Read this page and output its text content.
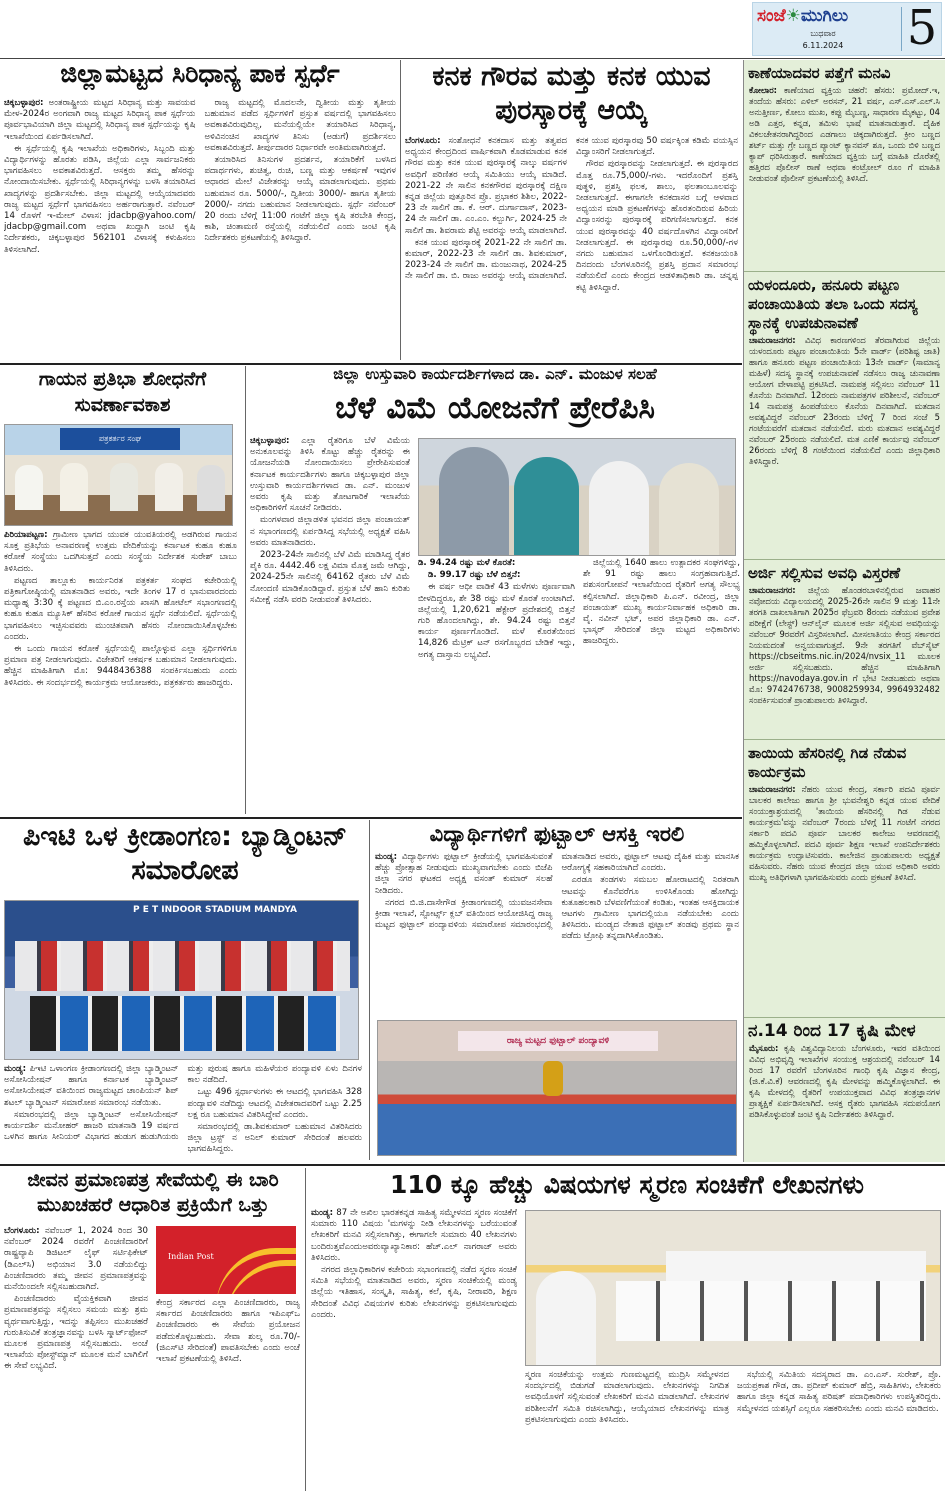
ಸಂಜೆ☀ಮುಗಿಲು
ಬುಧವಾರ
6.11.2024	5
ಜಿಲ್ಲಾಮಟ್ಟದ ಸಿರಿಧಾನ್ಯ ಪಾಕ ಸ್ಪರ್ಧೆ

ಚಿಕ್ಕಬಳ್ಳಾಪುರ: ಅಂತರಾಷ್ಟ್ರೀಯ ಮಟ್ಟದ ಸಿರಿಧಾನ್ಯ ಮತ್ತು ಸಾವಯವ ಮೇಳ-2024ರ ಅಂಗವಾಗಿ ರಾಜ್ಯ ಮಟ್ಟದ ಸಿರಿಧಾನ್ಯ ಪಾಕ ಸ್ಪರ್ಧೆಯ ಪೂರ್ವಭಾವಿಯಾಗಿ ಜಿಲ್ಲಾ ಮಟ್ಟದಲ್ಲಿ ಸಿರಿಧಾನ್ಯ ಪಾಕ ಸ್ಪರ್ಧೆಯನ್ನು ಕೃಷಿ ಇಲಾಖೆಯಿಂದ ಏರ್ಪಡಿಸಲಾಗಿದೆ.

ಈ ಸ್ಪರ್ಧೆಯಲ್ಲಿ ಕೃಷಿ ಇಲಾಖೆಯ ಅಧಿಕಾರಿಗಳು, ಸಿಬ್ಬಂದಿ ಮತ್ತು ವಿದ್ಯಾರ್ಥಿಗಳನ್ನು ಹೊರತು ಪಡಿಸಿ, ಜಿಲ್ಲೆಯ ಎಲ್ಲಾ ಸಾರ್ವಜನಿಕರು ಭಾಗವಹಿಸಲು ಅವಕಾಶವಿರುತ್ತದೆ. ಆಸಕ್ತರು ತಮ್ಮ ಹೆಸರನ್ನು ನೋಂದಾಯಿಸಬೇಕು. ಸ್ಪರ್ಧೆಯಲ್ಲಿ ಸಿರಿಧಾನ್ಯಗಳನ್ನು ಬಳಸಿ ತಯಾರಿಸಿದ ಖಾದ್ಯಗಳನ್ನು ಪ್ರದರ್ಶಿಸಬೇಕು. ಜಿಲ್ಲಾ ಮಟ್ಟದಲ್ಲಿ ಆಯ್ಕೆಯಾದವರು ರಾಜ್ಯ ಮಟ್ಟದ ಸ್ಪರ್ಧೆಗೆ ಭಾಗವಹಿಸಲು ಅರ್ಹರಾಗುತ್ತಾರೆ. ನವೆಂಬರ್ 14 ರೊಳಗೆ ಇ-ಮೇಲ್ ವಿಳಾಸ: jdacbp@yahoo.com/ jdacbp@gmail.com ಅಥವಾ ಖುದ್ದಾಗಿ ಜಂಟಿ ಕೃಷಿ ನಿರ್ದೇಶಕರು, ಚಿಕ್ಕಬಳ್ಳಾಪುರ 562101 ವಿಳಾಸಕ್ಕೆ ಕಳುಹಿಸಲು ತಿಳಿಸಲಾಗಿದೆ.

ರಾಜ್ಯ ಮಟ್ಟದಲ್ಲಿ ಮೊದಲನೇ, ದ್ವಿತೀಯ ಮತ್ತು ತೃತೀಯ ಬಹುಮಾನ ಪಡೆದ ಸ್ಪರ್ಧಿಗಳಿಗೆ ಪ್ರಸ್ತುತ ವರ್ಷದಲ್ಲಿ ಭಾಗವಹಿಸಲು ಅವಕಾಶವಿರುವುದಿಲ್ಲ, ಮನೆಯಲ್ಲಿಯೇ ತಯಾರಿಸಿದ ಸಿರಿಧಾನ್ಯ, ಅಳಿವಿನಂಚಿನ ಖಾದ್ಯಗಳ ತಿನಿಸು (ಅಡುಗೆ) ಪ್ರದರ್ಶಿಸಲು ಅವಕಾಶವಿರುತ್ತದೆ. ತೀರ್ಪುದಾರರ ನಿರ್ಧಾರವೇ ಅಂತಿಮವಾಗಿರುತ್ತದೆ.

ತಯಾರಿಸಿದ ತಿನಿಸುಗಳ ಪ್ರದರ್ಶನ, ತಯಾರಿಕೆಗೆ ಬಳಸಿದ ಪದಾರ್ಥಗಳು, ಶುಚಿತ್ವ, ರುಚಿ, ಬಣ್ಣ ಮತ್ತು ಆಕರ್ಷಣೆ ಇವುಗಳ ಆಧಾರದ ಮೇಲೆ ವಿಜೇತರನ್ನು ಆಯ್ಕೆ ಮಾಡಲಾಗುವುದು. ಪ್ರಥಮ ಬಹುಮಾನ ರೂ. 5000/-, ದ್ವಿತೀಯ 3000/- ಹಾಗೂ ತೃತೀಯ 2000/- ನಗದು ಬಹುಮಾನ ನೀಡಲಾಗುವುದು. ಸ್ಪರ್ಧೆ ನವೆಂಬರ್ 20 ರಂದು ಬೆಳಿಗ್ಗೆ 11:00 ಗಂಟೆಗೆ ಜಿಲ್ಲಾ ಕೃಷಿ ತರಬೇತಿ ಕೇಂದ್ರ, ಕಾಶಿ, ಚಿಂತಾಮಣಿ ರಸ್ತೆಯಲ್ಲಿ ನಡೆಯಲಿದೆ ಎಂದು ಜಂಟಿ ಕೃಷಿ ನಿರ್ದೇಶಕರು ಪ್ರಕಟಣೆಯಲ್ಲಿ ತಿಳಿಸಿದ್ದಾರೆ.

ಕನಕ ಗೌರವ ಮತ್ತು ಕನಕ ಯುವ ಪುರಸ್ಕಾರಕ್ಕೆ ಆಯ್ಕೆ

ಬೆಂಗಳೂರು: ಸಂಶೋಧನೆ ಕನಕದಾಸ ಮತ್ತು ತತ್ವಪದ ಅಧ್ಯಯನ ಕೇಂದ್ರದಿಂದ ವಾರ್ಷಿಕವಾಗಿ ಕೊಡಮಾಡುವ ಕನಕ ಗೌರವ ಮತ್ತು ಕನಕ ಯುವ ಪುರಸ್ಕಾರಕ್ಕೆ ನಾಲ್ಕು ವರ್ಷಗಳ ಅವಧಿಗೆ ಪರಿಣಿತರ ಆಯ್ಕೆ ಸಮಿತಿಯು ಆಯ್ಕೆ ಮಾಡಿದೆ. 2021-22 ನೇ ಸಾಲಿನ ಕನಕಗೌರವ ಪುರಸ್ಕಾರಕ್ಕೆ ದಕ್ಷಿಣ ಕನ್ನಡ ಜಿಲ್ಲೆಯ ಪುತ್ತೂರಿನ ಪ್ರೊ. ಪ್ರಭಾಕರ ಶಿಶಿಲ, 2022-23 ನೇ ಸಾಲಿಗೆ ಡಾ. ಕೆ. ಆರ್. ದುರ್ಗಾದಾಸ್, 2023-24 ನೇ ಸಾಲಿಗೆ ಡಾ. ಎಂ.ಎಂ. ಕಲ್ಬುರ್ಗಿ, 2024-25 ನೇ ಸಾಲಿಗೆ ಡಾ. ಶಿವರಾಮ ಶೆಟ್ಟಿ ಅವರನ್ನು ಆಯ್ಕೆ ಮಾಡಲಾಗಿದೆ.

ಕನಕ ಯುವ ಪುರಸ್ಕಾರಕ್ಕೆ 2021-22 ನೇ ಸಾಲಿಗೆ ಡಾ. ಕುಮಾರ್, 2022-23 ನೇ ಸಾಲಿಗೆ ಡಾ. ಶಿವಕುಮಾರ್, 2023-24 ನೇ ಸಾಲಿಗೆ ಡಾ. ಮಂಜುನಾಥ, 2024-25 ನೇ ಸಾಲಿಗೆ ಡಾ. ಬಿ. ರಾಜು ಅವರನ್ನು ಆಯ್ಕೆ ಮಾಡಲಾಗಿದೆ. ಕನಕ ಯುವ ಪುರಸ್ಕಾರವು 50 ವರ್ಷಕ್ಕಿಂತ ಕಡಿಮೆ ವಯಸ್ಸಿನ ವಿದ್ವಾಂಸರಿಗೆ ನೀಡಲಾಗುತ್ತದೆ.

ಗೌರವ ಪುರಸ್ಕಾರವನ್ನು ನೀಡಲಾಗುತ್ತದೆ. ಈ ಪುರಸ್ಕಾರದ ಮೊತ್ತ ರೂ.75,000/-ಗಳು. ಇದರೊಂದಿಗೆ ಪ್ರಶಸ್ತಿ ಪುತ್ಥಳಿ, ಪ್ರಶಸ್ತಿ ಫಲಕ, ಶಾಲು, ಫಲತಾಂಬೂಲವನ್ನು ನೀಡಲಾಗುತ್ತದೆ. ಈಗಾಗಲೇ ಕನಕದಾಸರ ಬಗ್ಗೆ ಆಳವಾದ ಅಧ್ಯಯನ ಮಾಡಿ ಪ್ರಕಟಣೆಗಳನ್ನು ಹೊರತಂದಿರುವ ಹಿರಿಯ ವಿದ್ವಾಂಸರನ್ನು ಪುರಸ್ಕಾರಕ್ಕೆ ಪರಿಗಣಿಸಲಾಗುತ್ತದೆ. ಕನಕ ಯುವ ಪುರಸ್ಕಾರವನ್ನು 40 ವರ್ಷದೊಳಗಿನ ವಿದ್ವಾಂಸರಿಗೆ ನೀಡಲಾಗುತ್ತದೆ. ಈ ಪುರಸ್ಕಾರವು ರೂ.50,000/-ಗಳ ನಗದು ಬಹುಮಾನ ಒಳಗೊಂಡಿರುತ್ತದೆ. ಕನಕಜಯಂತಿ ದಿನದಂದು ಬೆಂಗಳೂರಿನಲ್ಲಿ ಪ್ರಶಸ್ತಿ ಪ್ರದಾನ ಸಮಾರಂಭ ನಡೆಯಲಿದೆ ಎಂದು ಕೇಂದ್ರದ ಆಡಳಿತಾಧಿಕಾರಿ ಡಾ. ಚನ್ನಪ್ಪ ಕಟ್ಟಿ ತಿಳಿಸಿದ್ದಾರೆ.

ಕಾಣೆಯಾದವರ ಪತ್ತೆಗೆ ಮನವಿ
ಕೋಲಾರ: ಕಾಣೆಯಾದ ವ್ಯಕ್ತಿಯ ಚಹರೆ: ಹೆಸರು: ಪ್ರಮೋದ್.ಇ, ತಂದೆಯ ಹೆಸರು: ಎಳಿಲ್ ಅರಸನ್, 21 ವರ್ಷ, ಎಸ್.ಎಸ್.ಎಲ್.ಸಿ ಅನುತ್ತೀರ್ಣ, ಕೋಲು ಮುಖ, ಕಪ್ಪು ಮೈಬಣ್ಣ, ಸಾಧಾರಣ ಮೈಕಟ್ಟು, 04 ಅಡಿ ಎತ್ತರ, ಕನ್ನಡ, ತಮಿಳು ಭಾಷೆ ಮಾತನಾಡುತ್ತಾರೆ. ದೈಹಿಕ ವಿಕಲಚೇತನರಾಗಿದ್ದರಿಂದ ಎಡಗಾಲು ಚಿಕ್ಕದಾಗಿರುತ್ತದೆ. ಕ್ರೀಂ ಬಣ್ಣದ ಶರ್ಟ್ ಮತ್ತು ಗ್ರೇ ಬಣ್ಣದ ಪ್ಯಾಂಟ್ ಕ್ಯಾನವಸ್ ಶೂ, ಒಂದು ಬಿಳಿ ಬಣ್ಣದ ಕ್ಯಾಪ್ ಧರಿಸಿರುತ್ತಾರೆ. ಕಾಣೆಯಾದ ವ್ಯಕ್ತಿಯ ಬಗ್ಗೆ ಮಾಹಿತಿ ದೊರೆತಲ್ಲಿ ಹತ್ತಿರದ ಪೊಲೀಸ್ ಠಾಣೆ ಅಥವಾ ಕಂಟ್ರೋಲ್ ರೂಂ ಗೆ ಮಾಹಿತಿ ನೀಡುವಂತೆ ಪೊಲೀಸ್ ಪ್ರಕಟಣೆಯಲ್ಲಿ ತಿಳಿಸಿದೆ.
ಯಳಂದೂರು, ಹನೂರು ಪಟ್ಟಣ ಪಂಚಾಯಿತಿಯ ತಲಾ ಒಂದು ಸದಸ್ಯ ಸ್ಥಾನಕ್ಕೆ ಉಪಚುನಾವಣೆ
ಚಾಮರಾಜನಗರ: ವಿವಿಧ ಕಾರಣಗಳಿಂದ ತೆರವಾಗಿರುವ ಜಿಲ್ಲೆಯ ಯಳಂದೂರು ಪಟ್ಟಣ ಪಂಚಾಯಿತಿಯ 5ನೇ ವಾರ್ಡ್ (ಪರಿಶಿಷ್ಟ ಜಾತಿ) ಹಾಗೂ ಹನೂರು ಪಟ್ಟಣ ಪಂಚಾಯಿತಿಯ 13ನೇ ವಾರ್ಡ್ (ಸಾಮಾನ್ಯ ಮಹಿಳೆ) ಸದಸ್ಯ ಸ್ಥಾನಕ್ಕೆ ಉಪಚುನಾವಣೆ ನಡೆಸಲು ರಾಜ್ಯ ಚುನಾವಣಾ ಆಯೋಗ ವೇಳಾಪಟ್ಟಿ ಪ್ರಕಟಿಸಿದೆ. ನಾಮಪತ್ರ ಸಲ್ಲಿಸಲು ನವೆಂಬರ್ 11 ಕೊನೆಯ ದಿನವಾಗಿದೆ. 12ರಂದು ನಾಮಪತ್ರಗಳ ಪರಿಶೀಲನೆ, ನವೆಂಬರ್ 14 ನಾಮಪತ್ರ ಹಿಂಪಡೆಯಲು ಕೊನೆಯ ದಿನವಾಗಿದೆ. ಮತದಾನ ಅವಶ್ಯವಿದ್ದರೆ ನವೆಂಬರ್ 23ರಂದು ಬೆಳಿಗ್ಗೆ 7 ರಿಂದ ಸಂಜೆ 5 ಗಂಟೆಯವರೆಗೆ ಮತದಾನ ನಡೆಯಲಿದೆ. ಮರು ಮತದಾನ ಅವಶ್ಯವಿದ್ದರೆ ನವೆಂಬರ್ 25ರಂದು ನಡೆಯಲಿದೆ. ಮತ ಎಣಿಕೆ ಕಾರ್ಯವು ನವೆಂಬರ್ 26ರಂದು ಬೆಳಿಗ್ಗೆ 8 ಗಂಟೆಯಿಂದ ನಡೆಯಲಿದೆ ಎಂದು ಜಿಲ್ಲಾಧಿಕಾರಿ ತಿಳಿಸಿದ್ದಾರೆ.
ಅರ್ಜಿ ಸಲ್ಲಿಸುವ ಅವಧಿ ವಿಸ್ತರಣೆ
ಚಾಮರಾಜನಗರ: ಜಿಲ್ಲೆಯ ಹೊಂಡರಬಾಳಿನಲ್ಲಿರುವ ಜವಾಹರ ನವೋದಯ ವಿದ್ಯಾಲಯದಲ್ಲಿ 2025-26ನೇ ಸಾಲಿನ 9 ಮತ್ತು 11ನೇ ತರಗತಿ ದಾಖಲಾತಿಗಾಗಿ 2025ರ ಫೆಬ್ರವರಿ 8ರಂದು ನಡೆಯುವ ಪ್ರವೇಶ ಪರೀಕ್ಷೆಗೆ (ಲೇಸ್ಟ್) ಆನ್‌ಲೈನ್ ಮೂಲಕ ಅರ್ಜಿ ಸಲ್ಲಿಸುವ ಅವಧಿಯನ್ನು ನವೆಂಬರ್ 9ರವರೆಗೆ ವಿಸ್ತರಿಸಲಾಗಿದೆ. ಮೀಸಲಾತಿಯು ಕೇಂದ್ರ ಸರ್ಕಾರದ ನಿಯಮದಂತೆ ಅನ್ವಯವಾಗುತ್ತದೆ. 9ನೇ ತರಗತಿಗೆ ವೆಬ್‌ಸೈಟ್ https://cbseitms.nic.in/2024/nvsix_11 ಮೂಲಕ ಅರ್ಜಿ ಸಲ್ಲಿಸಬಹುದು. ಹೆಚ್ಚಿನ ಮಾಹಿತಿಗಾಗಿ https://navodaya.gov.in ಗೆ ಭೇಟಿ ನೀಡಬಹುದು ಅಥವಾ ಮೊ: 9742476738, 9008259934, 9964932482 ಸಂಪರ್ಕಿಸುವಂತೆ ಪ್ರಾಂಶುಪಾಲರು ತಿಳಿಸಿದ್ದಾರೆ.
ತಾಯಿಯ ಹೆಸರಿನಲ್ಲಿ ಗಿಡ ನೆಡುವ ಕಾರ್ಯಕ್ರಮ
ಚಾಮರಾಜನಗರ: ನೆಹರು ಯುವ ಕೇಂದ್ರ, ಸರ್ಕಾರಿ ಪದವಿ ಪೂರ್ವ ಬಾಲಕರ ಕಾಲೇಜು ಹಾಗೂ ಶ್ರೀ ಭುವನೇಶ್ವರಿ ಕನ್ನಡ ಯುವ ವೇದಿಕೆ ಸಂಯುಕ್ತಾಶ್ರಯದಲ್ಲಿ 'ತಾಯಿಯ ಹೆಸರಿನಲ್ಲಿ ಗಿಡ ನೆಡುವ ಕಾರ್ಯಕ್ರಮ'ವನ್ನು ನವೆಂಬರ್ 7ರಂದು ಬೆಳಿಗ್ಗೆ 11 ಗಂಟೆಗೆ ನಗರದ ಸರ್ಕಾರಿ ಪದವಿ ಪೂರ್ವ ಬಾಲಕರ ಕಾಲೇಜು ಆವರಣದಲ್ಲಿ ಹಮ್ಮಿಕೊಳ್ಳಲಾಗಿದೆ. ಪದವಿ ಪೂರ್ವ ಶಿಕ್ಷಣ ಇಲಾಖೆ ಉಪನಿರ್ದೇಶಕರು ಕಾರ್ಯಕ್ರಮ ಉದ್ಘಾಟಿಸುವರು. ಕಾಲೇಜಿನ ಪ್ರಾಂಶುಪಾಲರು ಅಧ್ಯಕ್ಷತೆ ವಹಿಸುವರು. ನೆಹರು ಯುವ ಕೇಂದ್ರದ ಜಿಲ್ಲಾ ಯುವ ಅಧಿಕಾರಿ ಅವರು ಮುಖ್ಯ ಅತಿಥಿಗಳಾಗಿ ಭಾಗವಹಿಸುವರು ಎಂದು ಪ್ರಕಟಣೆ ತಿಳಿಸಿದೆ.
ನ.14 ರಿಂದ 17 ಕೃಷಿ ಮೇಳ
ಮೈಸೂರು: ಕೃಷಿ ವಿಶ್ವವಿದ್ಯಾನಿಲಯ ಬೆಂಗಳೂರು, ಇವರ ವತಿಯಿಂದ ವಿವಿಧ ಅಭಿವೃದ್ಧಿ ಇಲಾಖೆಗಳ ಸಂಯುಕ್ತ ಆಶ್ರಯದಲ್ಲಿ ನವೆಂಬರ್ 14 ರಿಂದ 17 ರವರೆಗೆ ಬೆಂಗಳೂರಿನ ಗಾಂಧಿ ಕೃಷಿ ವಿಜ್ಞಾನ ಕೇಂದ್ರ, (ಜಿ.ಕೆ.ವಿ.ಕೆ) ಆವರಣದಲ್ಲಿ ಕೃಷಿ ಮೇಳವನ್ನು ಹಮ್ಮಿಕೊಳ್ಳಲಾಗಿದೆ. ಈ ಕೃಷಿ ಮೇಳದಲ್ಲಿ ರೈತರಿಗೆ ಉಪಯುಕ್ತವಾದ ವಿವಿಧ ತಂತ್ರಜ್ಞಾನಗಳ ಪ್ರಾತ್ಯಕ್ಷಿಕೆ ಏರ್ಪಡಿಸಲಾಗಿದೆ. ಆಸಕ್ತ ರೈತರು ಭಾಗವಹಿಸಿ ಸದುಪಯೋಗ ಪಡಿಸಿಕೊಳ್ಳುವಂತೆ ಜಂಟಿ ಕೃಷಿ ನಿರ್ದೇಶಕರು ತಿಳಿಸಿದ್ದಾರೆ.
ಗಾಯನ ಪ್ರತಿಭಾ ಶೋಧನೆಗೆ ಸುವರ್ಣಾವಕಾಶ
ಪತ್ರಕರ್ತರ ಸಂಘ

ಪಿರಿಯಾಪಟ್ಟಣ: ಗ್ರಾಮೀಣ ಭಾಗದ ಯುವಕ ಯುವತಿಯರಲ್ಲಿ ಅಡಗಿರುವ ಗಾಯನ ಸೂಕ್ತ ಪ್ರತಿಭೆಯ ಅನಾವರಣಕ್ಕೆ ಉತ್ತಮ ವೇದಿಕೆಯನ್ನು ಕರ್ನಾಟಕ ಕುಹೂ ಕುಹೂ ಕರೋಕೆ ಸಂಸ್ಥೆಯು ಒದಗಿಸುತ್ತದೆ ಎಂದು ಸಂಸ್ಥೆಯ ನಿರ್ದೇಶಕ ಸುರೇಶ್ ಬಾಬು ತಿಳಿಸಿದರು.

ಪಟ್ಟಣದ ತಾಲ್ಲೂಕು ಕಾರ್ಯನಿರತ ಪತ್ರಕರ್ತ ಸಂಘದ ಕಚೇರಿಯಲ್ಲಿ ಪತ್ರಿಕಾಗೋಷ್ಠಿಯಲ್ಲಿ ಮಾತನಾಡಿದ ಅವರು, ಇದೇ ತಿಂಗಳ 17 ರ ಭಾನುವಾರದಂದು ಮಧ್ಯಾಹ್ನ 3:30 ಕ್ಕೆ ಪಟ್ಟಣದ ಬಿ.ಎಂ.ರಸ್ತೆಯ ಖಾಸಗಿ ಹೋಟೆಲ್ ಸಭಾಂಗಣದಲ್ಲಿ ಕುಹೂ ಕುಹೂ ಮ್ಯೂಸಿಕ್ ಹೆಸರಿನ ಕರೋಕೆ ಗಾಯನ ಸ್ಪರ್ಧೆ ನಡೆಯಲಿದೆ. ಸ್ಪರ್ಧೆಯಲ್ಲಿ ಭಾಗವಹಿಸಲು ಇಚ್ಛಿಸುವವರು ಮುಂಚಿತವಾಗಿ ಹೆಸರು ನೋಂದಾಯಿಸಿಕೊಳ್ಳಬೇಕು ಎಂದರು.

ಈ ಒಂದು ಗಾಯನ ಕರೋಕೆ ಸ್ಪರ್ಧೆಯಲ್ಲಿ ಪಾಲ್ಗೊಳ್ಳುವ ಎಲ್ಲಾ ಸ್ಪರ್ಧಿಗಳಿಗೂ ಪ್ರಮಾಣ ಪತ್ರ ನೀಡಲಾಗುವುದು. ವಿಜೇತರಿಗೆ ಆಕರ್ಷಕ ಬಹುಮಾನ ನೀಡಲಾಗುವುದು. ಹೆಚ್ಚಿನ ಮಾಹಿತಿಗಾಗಿ ಮೊ: 9448436388 ಸಂಪರ್ಕಿಸಬಹುದು ಎಂದು ತಿಳಿಸಿದರು. ಈ ಸಂದರ್ಭದಲ್ಲಿ ಕಾರ್ಯಕ್ರಮ ಆಯೋಜಕರು, ಪತ್ರಕರ್ತರು ಹಾಜರಿದ್ದರು.

ಜಿಲ್ಲಾ ಉಸ್ತುವಾರಿ ಕಾರ್ಯದರ್ಶಿಗಳಾದ ಡಾ. ಎನ್. ಮಂಜುಳ ಸಲಹೆ
ಬೆಳೆ ವಿಮೆ ಯೋಜನೆಗೆ ಪ್ರೇರೆಪಿಸಿ

ಚಿಕ್ಕಬಳ್ಳಾಪುರ: ಎಲ್ಲಾ ರೈತರಿಗೂ ಬೆಳೆ ವಿಮೆಯ ಅನುಕೂಲವನ್ನು ತಿಳಿಸಿ ಕೊಟ್ಟು ಹೆಚ್ಚು ರೈತರನ್ನು ಈ ಯೋಜನೆಯಡಿ ನೋಂದಾಯಿಸಲು ಪ್ರೇರೇಪಿಸುವಂತೆ ಕರ್ನಾಟಕ ಕಾರ್ಯದರ್ಶಿಗಳು ಹಾಗೂ ಚಿಕ್ಕಬಳ್ಳಾಪುರ ಜಿಲ್ಲಾ ಉಸ್ತುವಾರಿ ಕಾರ್ಯದರ್ಶಿಗಳಾದ ಡಾ. ಎನ್. ಮಂಜುಳ ಅವರು ಕೃಷಿ ಮತ್ತು ತೋಟಗಾರಿಕೆ ಇಲಾಖೆಯ ಅಧಿಕಾರಿಗಳಿಗೆ ಸೂಚನೆ ನೀಡಿದರು.

ಮಂಗಳವಾರ ಜಿಲ್ಲಾಡಳಿತ ಭವನದ ಜಿಲ್ಲಾ ಪಂಚಾಯತ್ ನ ಸಭಾಂಗಣದಲ್ಲಿ ಏರ್ಪಡಿಸಿದ್ದ ಸಭೆಯಲ್ಲಿ ಅಧ್ಯಕ್ಷತೆ ವಹಿಸಿ ಅವರು ಮಾತನಾಡಿದರು.

2023-24ನೇ ಸಾಲಿನಲ್ಲಿ ಬೆಳೆ ವಿಮೆ ಮಾಡಿಸಿದ್ದ ರೈತರ ಪೈಕಿ ರೂ. 4442.46 ಲಕ್ಷ ವಿಮಾ ಮೊತ್ತ ಜಮೆ ಆಗಿದ್ದು, 2024-25ನೇ ಸಾಲಿನಲ್ಲಿ 64162 ರೈತರು ಬೆಳೆ ವಿಮೆ ನೋಂದಣಿ ಮಾಡಿಕೊಂಡಿದ್ದಾರೆ. ಪ್ರಸ್ತುತ ಬೆಳೆ ಹಾನಿ ಕುರಿತು ಸಮೀಕ್ಷೆ ನಡೆಸಿ ವರದಿ ನೀಡುವಂತೆ ತಿಳಿಸಿದರು.

ಡಿ. 94.24 ರಷ್ಟು ಮಳೆ ಕೊರತೆ:

ಡಿ. 99.17 ರಷ್ಟು ಬೆಳೆ ಬಿತ್ತನೆ:

ಈ ವರ್ಷ ಆಧೀ ವಾಡಿಕೆ 43 ಮಳೆಗಳು ಪೂರ್ಣವಾಗಿ ಬೀಳದಿದ್ದರೂ, ಶೇ 38 ರಷ್ಟು ಮಳೆ ಕೊರತೆ ಉಂಟಾಗಿದೆ. ಜಿಲ್ಲೆಯಲ್ಲಿ 1,20,621 ಹೆಕ್ಟೇರ್ ಪ್ರದೇಶದಲ್ಲಿ ಬಿತ್ತನೆ ಗುರಿ ಹೊಂದಲಾಗಿದ್ದು, ಶೇ. 94.24 ರಷ್ಟು ಬಿತ್ತನೆ ಕಾರ್ಯ ಪೂರ್ಣಗೊಂಡಿದೆ. ಮಳೆ ಕೊರತೆಯಿಂದ 14,826 ಮೆಟ್ರಿಕ್ ಟನ್ ರಸಗೊಬ್ಬರದ ಬೇಡಿಕೆ ಇದ್ದು, ಅಗತ್ಯ ದಾಸ್ತಾನು ಲಭ್ಯವಿದೆ.

ಜಿಲ್ಲೆಯಲ್ಲಿ 1640 ಹಾಲು ಉತ್ಪಾದಕರ ಸಂಘಗಳಿದ್ದು, ಶೇ 91 ರಷ್ಟು ಹಾಲು ಸಂಗ್ರಹವಾಗುತ್ತಿದೆ. ಪಶುಸಂಗೋಪನೆ ಇಲಾಖೆಯಿಂದ ರೈತರಿಗೆ ಅಗತ್ಯ ಸೌಲಭ್ಯ ಕಲ್ಪಿಸಲಾಗಿದೆ. ಜಿಲ್ಲಾಧಿಕಾರಿ ಪಿ.ಎನ್. ರವೀಂದ್ರ, ಜಿಲ್ಲಾ ಪಂಚಾಯತ್ ಮುಖ್ಯ ಕಾರ್ಯನಿರ್ವಾಹಕ ಅಧಿಕಾರಿ ಡಾ. ವೈ. ನವೀನ್ ಭಟ್, ಅಪರ ಜಿಲ್ಲಾಧಿಕಾರಿ ಡಾ. ಎನ್. ಭಾಸ್ಕರ್ ಸೇರಿದಂತೆ ಜಿಲ್ಲಾ ಮಟ್ಟದ ಅಧಿಕಾರಿಗಳು ಹಾಜರಿದ್ದರು.

ಪಿಇಟಿ ಒಳ ಕ್ರೀಡಾಂಗಣ: ಬ್ಯಾಡ್ಮಿಂಟನ್ ಸಮಾರೋಪ
P E T INDOOR STADIUM MANDYA

ಮಂಡ್ಯ: ಪಿಇಟಿ ಒಳಾಂಗಣ ಕ್ರೀಡಾಂಗಣದಲ್ಲಿ ಜಿಲ್ಲಾ ಬ್ಯಾಡ್ಮಿಂಟನ್ ಅಸೋಸಿಯೇಷನ್ ಹಾಗೂ ಕರ್ನಾಟಕ ಬ್ಯಾಡ್ಮಿಂಟನ್ ಅಸೋಸಿಯೇಷನ್ ವತಿಯಿಂದ ರಾಜ್ಯಮಟ್ಟದ ಚಾಂಪಿಯನ್ ಶಿಪ್ ಶಟಲ್ ಬ್ಯಾಡ್ಮಿಂಟನ್ ಸಮಾರೋಪ ಸಮಾರಂಭ ನಡೆಯಿತು.

ಸಮಾರಂಭದಲ್ಲಿ ಜಿಲ್ಲಾ ಬ್ಯಾಡ್ಮಿಂಟನ್ ಅಸೋಸಿಯೇಷನ್ ಕಾರ್ಯದರ್ಶಿ ಮನೋಹರ್ ಹಾಜರಿ ಮಾತನಾಡಿ 19 ವರ್ಷದ ಒಳಗಿನ ಹಾಗೂ ಸೀನಿಯರ್ ವಿಭಾಗದ ಹುಡುಗ ಹುಡುಗಿಯರು ಮತ್ತು ಪುರುಷ ಹಾಗೂ ಮಹಿಳೆಯರ ಪಂದ್ಯಾವಳಿ ಏಳು ದಿನಗಳ ಕಾಲ ನಡೆದಿದೆ.

ಒಟ್ಟು 496 ಸ್ಪರ್ಧಾಳುಗಳು ಈ ಆಟದಲ್ಲಿ ಭಾಗವಹಿಸಿ 328 ಪಂದ್ಯಾವಳಿ ನಡೆದಿದ್ದು ಆಟದಲ್ಲಿ ವಿಜೇತರಾದವರಿಗೆ ಒಟ್ಟು 2.25 ಲಕ್ಷ ರೂ ಬಹುಮಾನ ವಿತರಿಸಿದ್ದೇವೆ ಎಂದರು.

ಸಮಾರಂಭದಲ್ಲಿ ಡಾ.ಶಿವಕುಮಾರ್ ಬಹುಮಾನ ವಿತರಿಸಿದರು ಜಿಲ್ಲಾ ಟ್ರಸ್ಟ್ ನ ಅನಿಲ್ ಕುಮಾರ್ ಸೇರಿದಂತೆ ಹಲವರು ಭಾಗವಹಿಸಿದ್ದರು.

ವಿದ್ಯಾರ್ಥಿಗಳಿಗೆ ಫುಟ್ಬಾಲ್ ಆಸಕ್ತಿ ಇರಲಿ

ಮಂಡ್ಯ: ವಿದ್ಯಾರ್ಥಿಗಳು ಫುಟ್ಬಾಲ್ ಕ್ರೀಡೆಯಲ್ಲಿ ಭಾಗವಹಿಸುವಂತೆ ಹೆಚ್ಚು ಪ್ರೋತ್ಸಾಹ ನೀಡುವುದು ಮುಖ್ಯವಾಗಬೇಕು ಎಂದು ಬಿಜೆಪಿ ಜಿಲ್ಲಾ ನಗರ ಘಟಕದ ಅಧ್ಯಕ್ಷ ವಸಂತ್ ಕುಮಾರ್ ಸಲಹೆ ನೀಡಿದರು.

ನಗರದ ಬಿ.ಜಿ.ದಾಸೇಗೌಡ ಕ್ರೀಡಾಂಗಣದಲ್ಲಿ ಯುವಜನಸೇವಾ ಕ್ರೀಡಾ ಇಲಾಖೆ, ಸ್ಪೋರ್ಟ್ಸ್ ಕ್ಲಬ್ ವತಿಯಿಂದ ಆಯೋಜಿಸಿದ್ದ ರಾಜ್ಯ ಮಟ್ಟದ ಫುಟ್ಬಾಲ್ ಪಂದ್ಯಾವಳಿಯ ಸಮಾರೋಪ ಸಮಾರಂಭದಲ್ಲಿ ಮಾತನಾಡಿದ ಅವರು, ಫುಟ್ಬಾಲ್ ಆಟವು ದೈಹಿಕ ಮತ್ತು ಮಾನಸಿಕ ಆರೋಗ್ಯಕ್ಕೆ ಸಹಕಾರಿಯಾಗಿದೆ ಎಂದರು.

ಎರಡೂ ತಂಡಗಳು ಸಮಬಲ ಹೋರಾಟದಲ್ಲಿ ನಿರತರಾಗಿ ಆಟವನ್ನು ಕೊನೆವರೆಗೂ ಉಳಿಸಿಕೊಂಡು ಹೋಗಿದ್ದು ಕುತೂಹಲಕಾರಿ ಬೆಳವಣಿಗೆಯಂತೆ ಕಂಡಿತು, ಇಂತಹ ಆಸಕ್ತಿದಾಯಕ ಆಟಗಳು ಗ್ರಾಮೀಣ ಭಾಗದಲ್ಲಿಯೂ ನಡೆಯಬೇಕು ಎಂದು ತಿಳಿಸಿದರು. ಮಂಡ್ಯದ ನೇತಾಜಿ ಫುಟ್ಬಾಲ್ ತಂಡವು ಪ್ರಥಮ ಸ್ಥಾನ ಪಡೆದು ಟ್ರೋಫಿ ತನ್ನದಾಗಿಸಿಕೊಂಡಿತು.

ರಾಜ್ಯ ಮಟ್ಟದ ಫುಟ್ಬಾಲ್ ಪಂದ್ಯಾವಳಿ
ಜೀವನ ಪ್ರಮಾಣಪತ್ರ ಸೇವೆಯಲ್ಲಿ ಈ ಬಾರಿ ಮುಖಚಹರೆ ಆಧಾರಿತ ಪ್ರಕ್ರಿಯೆಗೆ ಒತ್ತು
Indian Post

ಬೆಂಗಳೂರು: ನವೆಂಬರ್ 1, 2024 ರಿಂದ 30 ನವೆಂಬರ್ 2024 ರವರೆಗೆ ಪಿಂಚಣಿದಾರರಿಗೆ ರಾಷ್ಟ್ರವ್ಯಾಪಿ ಡಿಜಿಟಲ್ ಲೈಫ್ ಸರ್ಟಿಫಿಕೇಟ್ (ಡಿಎಲ್‌ಸಿ) ಅಭಿಯಾನ 3.0 ನಡೆಯಲಿದ್ದು ಪಿಂಚಣಿದಾರರು ತಮ್ಮ ಜೀವನ ಪ್ರಮಾಣಪತ್ರವನ್ನು ಮನೆಯಿಂದಲೇ ಸಲ್ಲಿಸಬಹುದಾಗಿದೆ.

ಪಿಂಚಣಿದಾರರು ವೈಯಕ್ತಿಕವಾಗಿ ಜೀವನ ಪ್ರಮಾಣಪತ್ರವನ್ನು ಸಲ್ಲಿಸಲು ಸಮಯ ಮತ್ತು ಶ್ರಮ ವ್ಯರ್ಥವಾಗುತ್ತಿದ್ದು, ಇದನ್ನು ತಪ್ಪಿಸಲು ಮುಖಚಹರೆ ಗುರುತಿಸುವಿಕೆ ತಂತ್ರಜ್ಞಾನವನ್ನು ಬಳಸಿ ಸ್ಮಾರ್ಟ್‌ಫೋನ್ ಮೂಲಕ ಪ್ರಮಾಣಪತ್ರ ಸಲ್ಲಿಸಬಹುದು. ಅಂಚೆ ಇಲಾಖೆಯ ಪೋಸ್ಟ್‌ಮ್ಯಾನ್ ಮೂಲಕ ಮನೆ ಬಾಗಿಲಿಗೆ ಈ ಸೇವೆ ಲಭ್ಯವಿದೆ.

ಕೇಂದ್ರ ಸರ್ಕಾರದ ಎಲ್ಲಾ ಪಿಂಚಣಿದಾರರು, ರಾಜ್ಯ ಸರ್ಕಾರದ ಪಿಂಚಣಿದಾರರು ಹಾಗೂ ಇಪಿಎಫ್‌ಒ ಪಿಂಚಣಿದಾರರು ಈ ಸೇವೆಯ ಪ್ರಯೋಜನ ಪಡೆದುಕೊಳ್ಳಬಹುದು. ಸೇವಾ ಶುಲ್ಕ ರೂ.70/- (ಜಿಎಸ್‌ಟಿ ಸೇರಿದಂತೆ) ಪಾವತಿಸಬೇಕು ಎಂದು ಅಂಚೆ ಇಲಾಖೆ ಪ್ರಕಟಣೆಯಲ್ಲಿ ತಿಳಿಸಿದೆ.

110 ಕ್ಕೂ ಹೆಚ್ಚು ವಿಷಯಗಳ ಸ್ಮರಣ ಸಂಚಿಕೆಗೆ ಲೇಖನಗಳು

ಮಂಡ್ಯ: 87 ನೇ ಅಖಿಲ ಭಾರತಕನ್ನಡ ಸಾಹಿತ್ಯ ಸಮ್ಮೇಳನದ ಸ್ಮರಣ ಸಂಚಿಕೆಗೆ ಸುಮಾರು 110 ವಿಷಯ 'ಮಗಳನ್ನು ನೀಡಿ ಲೇಖನಗಳನ್ನು ಬರೆಯುವಂತೆ ಲೇಖಕರಿಗೆ ಮನವಿ ಸಲ್ಲಿಸಲಾಗಿತ್ತು, ಈಗಾಗಲೇ ಸುಮಾರು 40 ಲೇಖನಗಳು ಬಂದಿರುತ್ತವೆಎಂದುಅವರುವ್ಯಾಖ್ಯಾನಿಕಾರ: ಹೆಚ್.ಎಲ್ ನಾಗರಾಜ್ ಅವರು ತಿಳಿಸಿದರು.

ನಗರದ ಜಿಲ್ಲಾಧಿಕಾರಿಗಳ ಕಚೇರಿಯ ಸಭಾಂಗಣದಲ್ಲಿ ನಡೆದ ಸ್ಮರಣ ಸಂಚಿಕೆ ಸಮಿತಿ ಸಭೆಯಲ್ಲಿ ಮಾತನಾಡಿದ ಅವರು, ಸ್ಮರಣ ಸಂಚಿಕೆಯಲ್ಲಿ ಮಂಡ್ಯ ಜಿಲ್ಲೆಯ ಇತಿಹಾಸ, ಸಂಸ್ಕೃತಿ, ಸಾಹಿತ್ಯ, ಕಲೆ, ಕೃಷಿ, ನೀರಾವರಿ, ಶಿಕ್ಷಣ ಸೇರಿದಂತೆ ವಿವಿಧ ವಿಷಯಗಳ ಕುರಿತು ಲೇಖನಗಳನ್ನು ಪ್ರಕಟಿಸಲಾಗುವುದು ಎಂದರು.

ಸ್ಮರಣ ಸಂಚಿಕೆಯನ್ನು ಉತ್ತಮ ಗುಣಮಟ್ಟದಲ್ಲಿ ಮುದ್ರಿಸಿ ಸಮ್ಮೇಳನದ ಸಂದರ್ಭದಲ್ಲಿ ಬಿಡುಗಡೆ ಮಾಡಲಾಗುವುದು. ಲೇಖನಗಳನ್ನು ನಿಗದಿತ ಅವಧಿಯೊಳಗೆ ಸಲ್ಲಿಸುವಂತೆ ಲೇಖಕರಿಗೆ ಮನವಿ ಮಾಡಲಾಗಿದೆ. ಲೇಖನಗಳ ಪರಿಶೀಲನೆಗೆ ಸಮಿತಿ ರಚಿಸಲಾಗಿದ್ದು, ಆಯ್ಕೆಯಾದ ಲೇಖನಗಳನ್ನು ಮಾತ್ರ ಪ್ರಕಟಿಸಲಾಗುವುದು ಎಂದು ತಿಳಿಸಿದರು.

ಸಭೆಯಲ್ಲಿ ಸಮಿತಿಯ ಸದಸ್ಯರಾದ ಡಾ. ಎಂ.ಎಸ್. ಸುರೇಶ್, ಪ್ರೊ. ಜಯಪ್ರಕಾಶ ಗೌಡ, ಡಾ. ಪ್ರದೀಪ್ ಕುಮಾರ್ ಹೆಬ್ರಿ, ಸಾಹಿತಿಗಳು, ಲೇಖಕರು ಹಾಗೂ ಜಿಲ್ಲಾ ಕನ್ನಡ ಸಾಹಿತ್ಯ ಪರಿಷತ್ ಪದಾಧಿಕಾರಿಗಳು ಉಪಸ್ಥಿತರಿದ್ದರು. ಸಮ್ಮೇಳನದ ಯಶಸ್ಸಿಗೆ ಎಲ್ಲರೂ ಸಹಕರಿಸಬೇಕು ಎಂದು ಮನವಿ ಮಾಡಿದರು.
